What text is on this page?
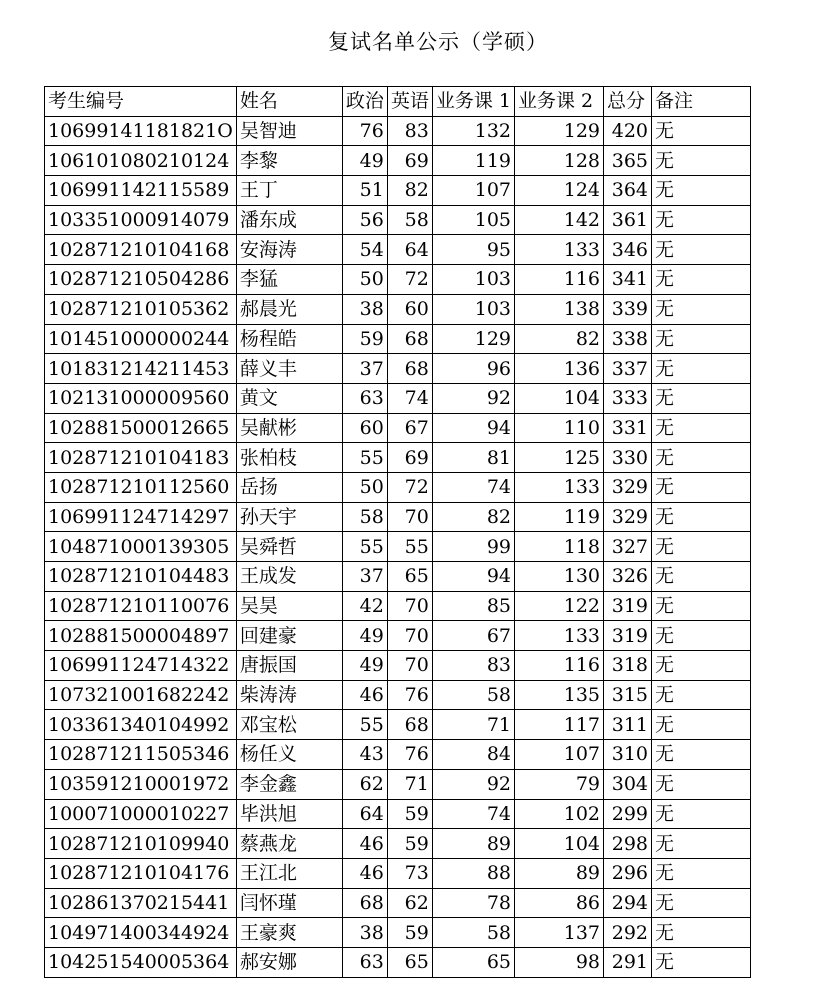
复试名单公示（学硕）
考生编号	姓名	政治	英语	业务课 1	业务课 2	总分	备注
10699141181821O	吴智迪	76	83	132	129	420	无
106101080210124	李黎	49	69	119	128	365	无
106991142115589	王丁	51	82	107	124	364	无
103351000914079	潘东成	56	58	105	142	361	无
102871210104168	安海涛	54	64	95	133	346	无
102871210504286	李猛	50	72	103	116	341	无
102871210105362	郝晨光	38	60	103	138	339	无
101451000000244	杨程皓	59	68	129	82	338	无
101831214211453	薛义丰	37	68	96	136	337	无
102131000009560	黄文	63	74	92	104	333	无
102881500012665	吴献彬	60	67	94	110	331	无
102871210104183	张柏枝	55	69	81	125	330	无
102871210112560	岳扬	50	72	74	133	329	无
106991124714297	孙天宇	58	70	82	119	329	无
104871000139305	吴舜哲	55	55	99	118	327	无
102871210104483	王成发	37	65	94	130	326	无
102871210110076	吴昊	42	70	85	122	319	无
102881500004897	回建豪	49	70	67	133	319	无
106991124714322	唐振国	49	70	83	116	318	无
107321001682242	柴涛涛	46	76	58	135	315	无
103361340104992	邓宝松	55	68	71	117	311	无
102871211505346	杨任义	43	76	84	107	310	无
103591210001972	李金鑫	62	71	92	79	304	无
100071000010227	毕洪旭	64	59	74	102	299	无
102871210109940	蔡燕龙	46	59	89	104	298	无
102871210104176	王江北	46	73	88	89	296	无
102861370215441	闫怀瑾	68	62	78	86	294	无
104971400344924	王豪爽	38	59	58	137	292	无
104251540005364	郝安娜	63	65	65	98	291	无
